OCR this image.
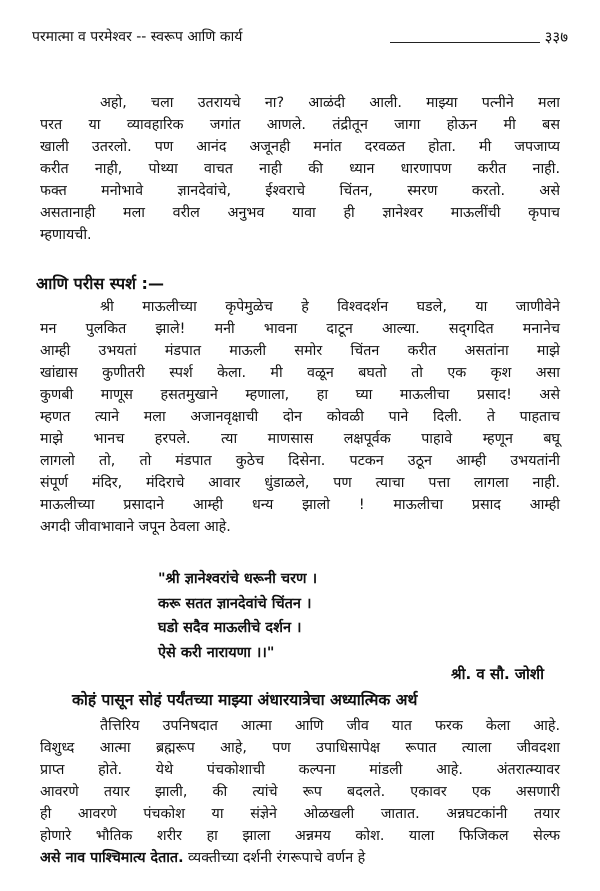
परमात्मा व परमेश्वर -- स्वरूप आणि कार्य	३३७
अहो, चला उतरायचे ना? आळंदी आली. माझ्या पत्नीने मला
परत या व्यावहारिक जगांत आणले. तंद्रीतून जागा होऊन मी बस
खाली उतरलो. पण आनंद अजूनही मनांत दरवळत होता. मी जपजाप्य
करीत नाही, पोथ्या वाचत नाही की ध्यान धारणापण करीत नाही.
फक्त मनोभावे ज्ञानदेवांचे, ईश्वराचे चिंतन, स्मरण करतो. असे
असतानाही मला वरील अनुभव यावा ही ज्ञानेश्वर माऊलींची कृपाच
म्हणायची.
आणि परीस स्पर्श :—
श्री माऊलीच्या कृपेमुळेच हे विश्वदर्शन घडले, या जाणीवेने
मन पुलकित झाले! मनी भावना दाटून आल्या. सद्‌गदित मनानेच
आम्ही उभयतां मंडपात माऊली समोर चिंतन करीत असतांना माझे
खांद्यास कुणीतरी स्पर्श केला. मी वळून बघतो तो एक कृश असा
कुणबी माणूस हसतमुखाने म्हणाला, हा घ्या माऊलीचा प्रसाद! असे
म्हणत त्याने मला अजानवृक्षाची दोन कोवळी पाने दिली. ते पाहताच
माझे भानच हरपले. त्या माणसास लक्षपूर्वक पाहावे म्हणून बघू
लागलो तो, तो मंडपात कुठेच दिसेना. पटकन उठून आम्ही उभयतांनी
संपूर्ण मंदिर, मंदिराचे आवार धुंडाळले, पण त्याचा पत्ता लागला नाही.
माऊलीच्या प्रसादाने आम्ही धन्य झालो ! माऊलीचा प्रसाद आम्ही
अगदी जीवाभावाने जपून ठेवला आहे.
"श्री ज्ञानेश्वरांचे धरूनी चरण ।
करू सतत ज्ञानदेवांचे चिंतन ।
घडो सदैव माऊलीचे दर्शन ।
ऐसे करी नारायणा ।।"
श्री. व सौ. जोशी
कोहं पासून सोहं पर्यंतच्या माझ्या अंधारयात्रेचा अध्यात्मिक अर्थ
तैत्तिरिय उपनिषदात आत्मा आणि जीव यात फरक केला आहे.
विशुध्द आत्मा ब्रह्मरूप आहे, पण उपाधिसापेक्ष रूपात त्याला जीवदशा
प्राप्त होते. येथे पंचकोशाची कल्पना मांडली आहे. अंतरात्म्यावर
आवरणे तयार झाली, की त्यांचे रूप बदलते. एकावर एक असणारी
ही आवरणे पंचकोश या संज्ञेने ओळखली जातात. अन्नघटकांनी तयार
होणारे भौतिक शरीर हा झाला अन्नमय कोश. याला फिजिकल सेल्फ
असे नाव पाश्चिमात्य देतात. व्यक्तीच्या दर्शनी रंगरूपाचे वर्णन हे
